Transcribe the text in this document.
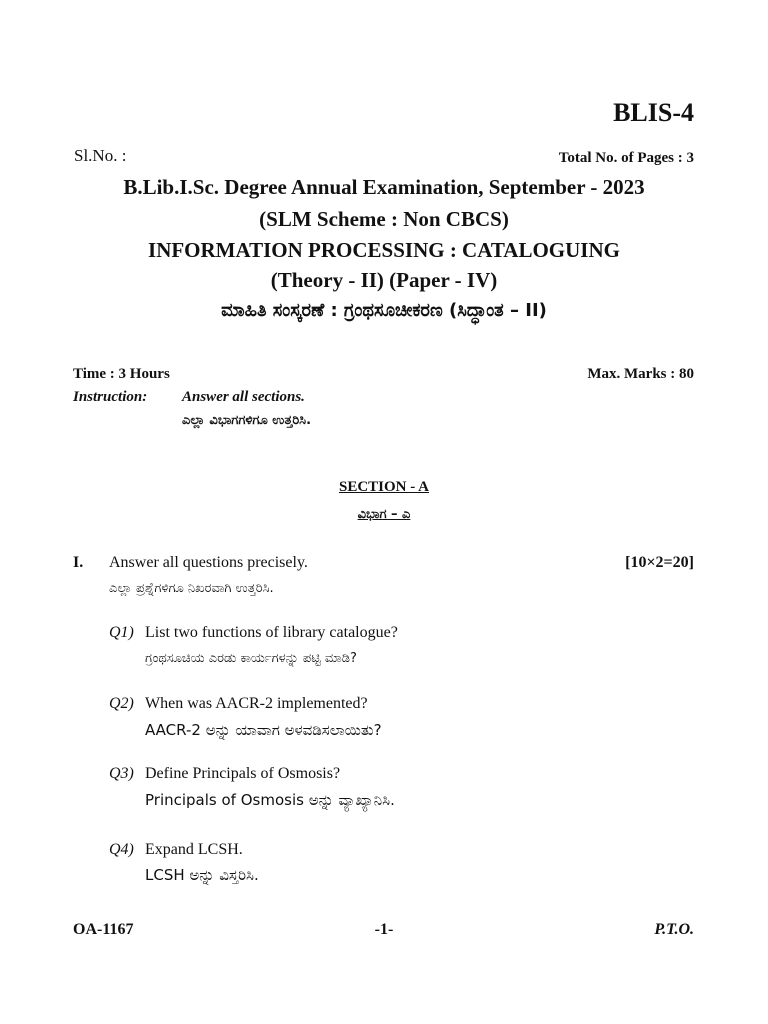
BLIS-4
Sl.No. :	Total No. of Pages : 3
B.Lib.I.Sc. Degree Annual Examination, September - 2023
(SLM Scheme : Non CBCS)
INFORMATION PROCESSING : CATALOGUING
(Theory - II) (Paper - IV)
ಮಾಹಿತಿ ಸಂಸ್ಕರಣೆ : ಗ್ರಂಥಸೂಚೀಕರಣ (ಸಿದ್ಧಾಂತ – II)
Time : 3 Hours	Max. Marks : 80
Instruction: Answer all sections.
ಎಲ್ಲಾ ವಿಭಾಗಗಳಿಗೂ ಉತ್ತರಿಸಿ.
SECTION - A
ವಿಭಾಗ – ಎ
I. Answer all questions precisely.	[10×2=20]
ಎಲ್ಲಾ ಪ್ರಶ್ನೆಗಳಿಗೂ ನಿಖರವಾಗಿ ಉತ್ತರಿಸಿ.
Q1) List two functions of library catalogue?
ಗ್ರಂಥಸೂಚಿಯ ಎರಡು ಕಾರ್ಯಗಳನ್ನು ಪಟ್ಟಿ ಮಾಡಿ?
Q2) When was AACR-2 implemented?
AACR-2 ಅನ್ನು ಯಾವಾಗ ಅಳವಡಿಸಲಾಯಿತು?
Q3) Define Principals of Osmosis?
Principals of Osmosis ಅನ್ನು ವ್ಯಾಖ್ಯಾನಿಸಿ.
Q4) Expand LCSH.
LCSH ಅನ್ನು ವಿಸ್ತರಿಸಿ.
OA-1167	-1-	P.T.O.
